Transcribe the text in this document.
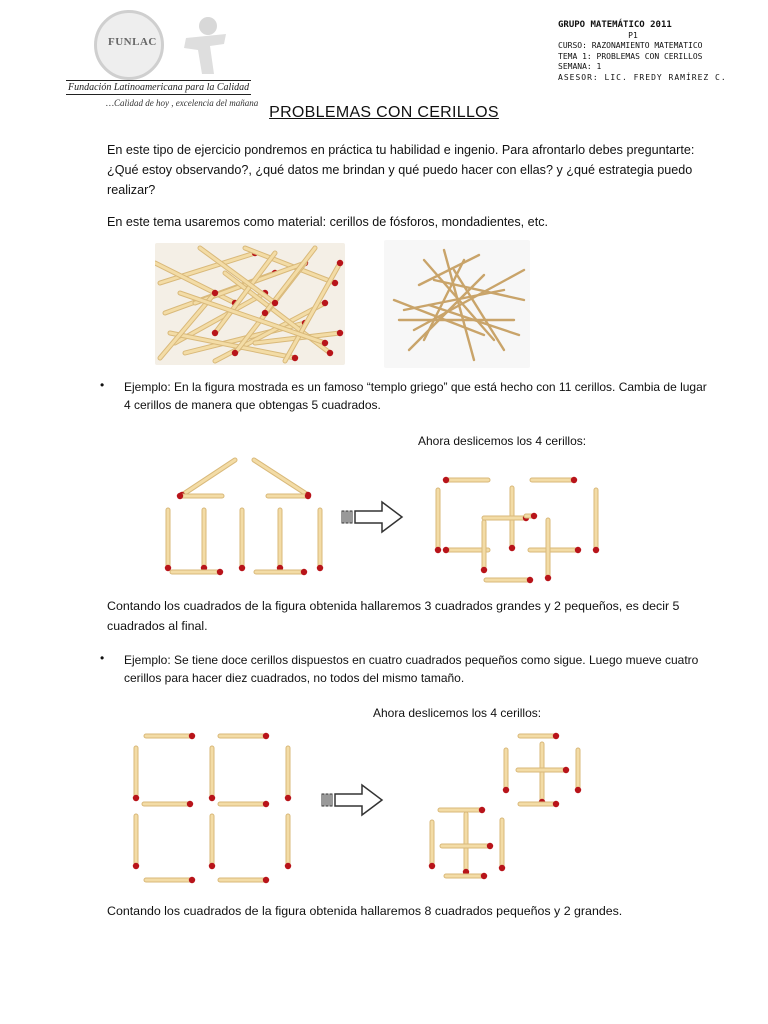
FUNLAC
Fundación Latinoamericana para la Calidad
…Calidad de hoy , excelencia del mañana
GRUPO MATEMÁTICO 2011
P1
CURSO: RAZONAMIENTO MATEMATICO
TEMA 1: PROBLEMAS CON CERILLOS
SEMANA: 1
ASESOR: LIC. FREDY RAMÍREZ C.
PROBLEMAS CON CERILLOS
En este tipo de ejercicio pondremos en práctica tu habilidad e ingenio. Para afrontarlo debes preguntarte: ¿Qué estoy observando?, ¿qué datos me brindan y qué puedo hacer con ellas? y ¿qué estrategia puedo realizar?
En este tema usaremos como material: cerillos de fósforos, mondadientes, etc.
• Ejemplo: En la figura mostrada es un famoso “templo griego” que está hecho con 11 cerillos. Cambia de lugar 4 cerillos de manera que obtengas 5 cuadrados.
Ahora deslicemos los 4 cerillos:
Contando los cuadrados de la figura obtenida hallaremos 3 cuadrados grandes y 2 pequeños, es decir 5 cuadrados al final.
• Ejemplo: Se tiene doce cerillos dispuestos en cuatro cuadrados pequeños como sigue. Luego mueve cuatro cerillos para hacer diez cuadrados, no todos del mismo tamaño.
Ahora deslicemos los 4 cerillos:
Contando los cuadrados de la figura obtenida hallaremos 8 cuadrados pequeños y 2 grandes.
